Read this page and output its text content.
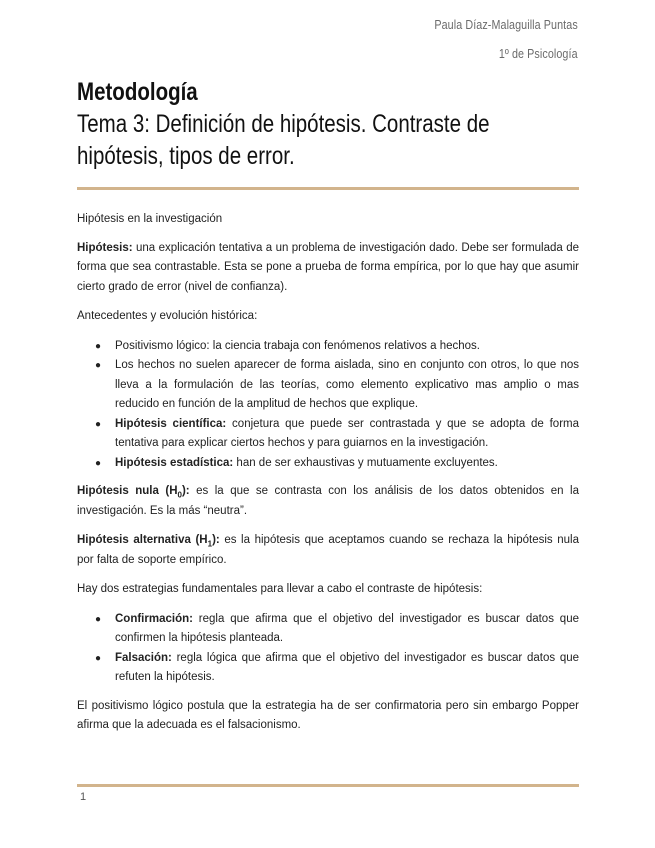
Paula Díaz-Malaguilla Puntas
1º de Psicología
Metodología
Tema 3: Definición de hipótesis. Contraste de hipótesis, tipos de error.

Hipótesis en la investigación

Hipótesis: una explicación tentativa a un problema de investigación dado. Debe ser formulada de forma que sea contrastable. Esta se pone a prueba de forma empírica, por lo que hay que asumir cierto grado de error (nivel de confianza).

Antecedentes y evolución histórica:

● Positivismo lógico: la ciencia trabaja con fenómenos relativos a hechos.
● Los hechos no suelen aparecer de forma aislada, sino en conjunto con otros, lo que nos lleva a la formulación de las teorías, como elemento explicativo mas amplio o mas reducido en función de la amplitud de hechos que explique.
● Hipótesis científica: conjetura que puede ser contrastada y que se adopta de forma tentativa para explicar ciertos hechos y para guiarnos en la investigación.
● Hipótesis estadística: han de ser exhaustivas y mutuamente excluyentes.

Hipótesis nula $(H_0)$: es la que se contrasta con los análisis de los datos obtenidos en la investigación. Es la más “neutra”.

Hipótesis alternativa $(H_1)$: es la hipótesis que aceptamos cuando se rechaza la hipótesis nula por falta de soporte empírico.

Hay dos estrategias fundamentales para llevar a cabo el contraste de hipótesis:

● Confirmación: regla que afirma que el objetivo del investigador es buscar datos que confirmen la hipótesis planteada.
● Falsación: regla lógica que afirma que el objetivo del investigador es buscar datos que refuten la hipótesis.

El positivismo lógico postula que la estrategia ha de ser confirmatoria pero sin embargo Popper afirma que la adecuada es el falsacionismo.

1
